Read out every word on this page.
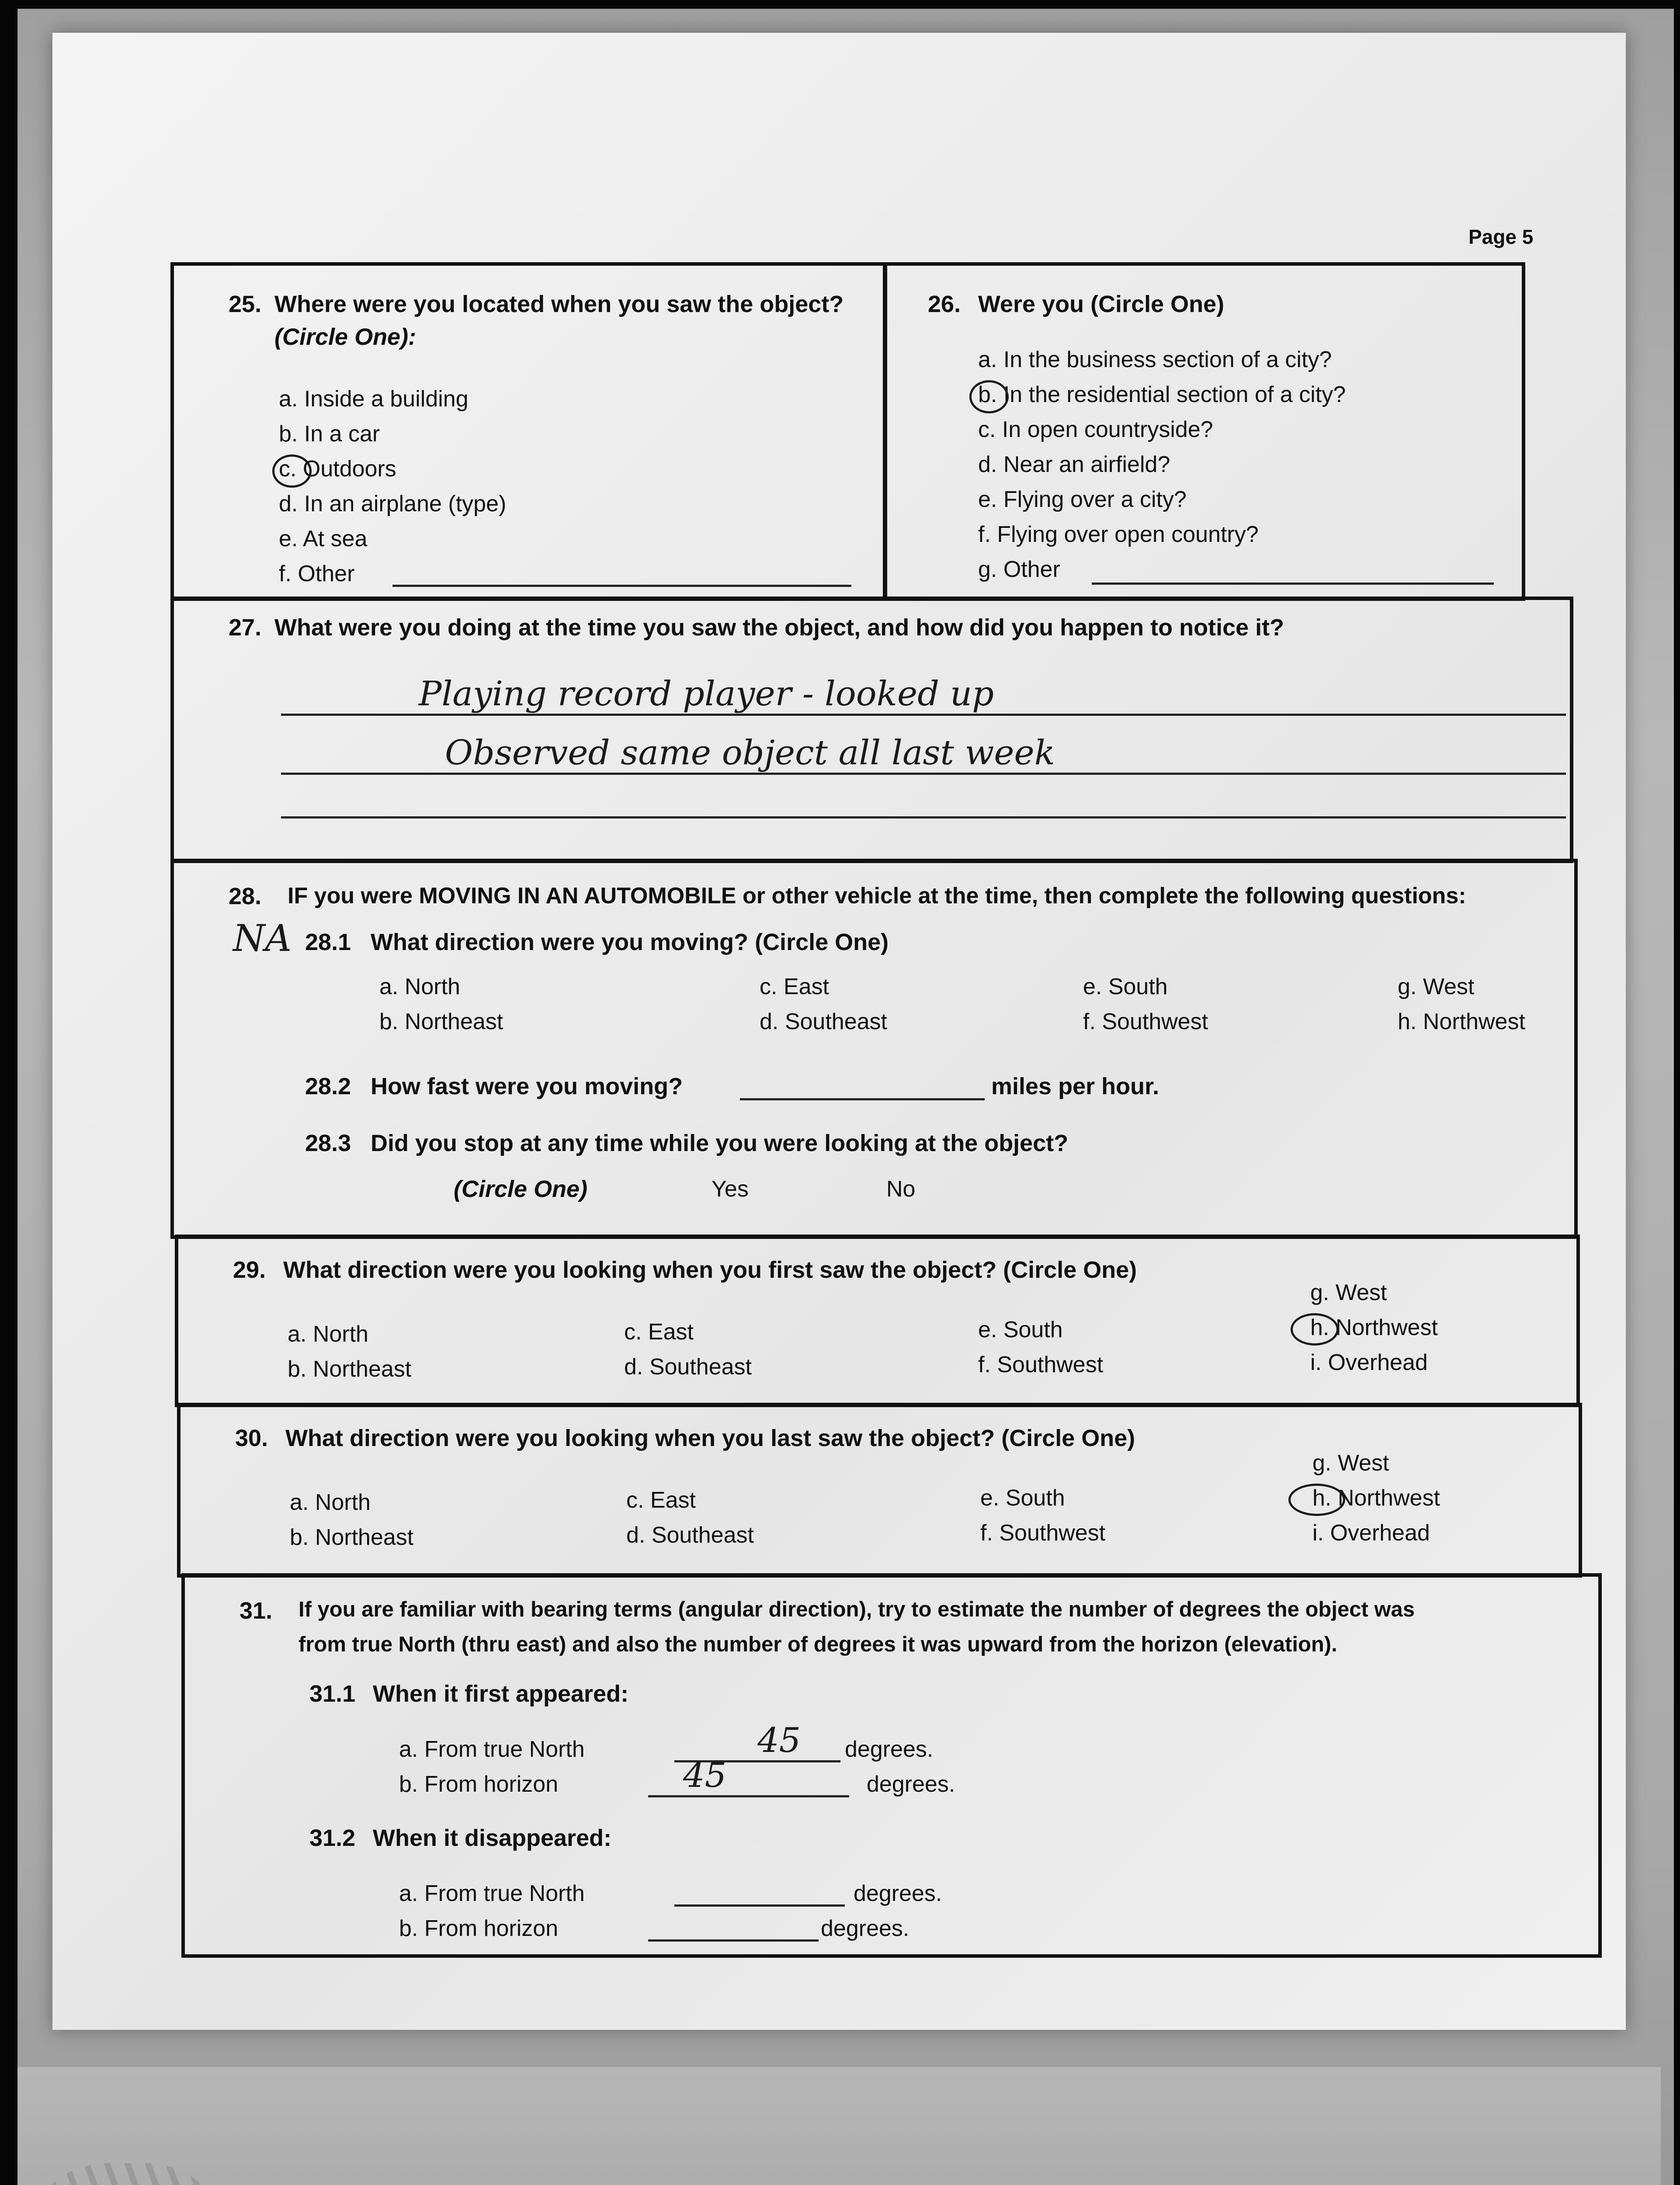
Page 5
25. Where were you located when you saw the object?
(Circle One):
a. Inside a building
b. In a car
c. Outdoors
d. In an airplane (type)
e. At sea
f. Other
26. Were you (Circle One)
a. In the business section of a city?
b. In the residential section of a city?
c. In open countryside?
d. Near an airfield?
e. Flying over a city?
f. Flying over open country?
g. Other
27. What were you doing at the time you saw the object, and how did you happen to notice it?
Playing record player - looked up
Observed same object all last week
28. IF you were MOVING IN AN AUTOMOBILE or other vehicle at the time, then complete the following questions:
NA 28.1 What direction were you moving? (Circle One)
a. North
b. Northeast
c. East
d. Southeast
e. South
f. Southwest
g. West
h. Northwest
28.2 How fast were you moving?	miles per hour.
28.3 Did you stop at any time while you were looking at the object?
(Circle One)	Yes	No
29. What direction were you looking when you first saw the object? (Circle One)
a. North
b. Northeast
c. East
d. Southeast
e. South
f. Southwest
g. West
h. Northwest
i. Overhead
30. What direction were you looking when you last saw the object? (Circle One)
a. North
b. Northeast
c. East
d. Southeast
e. South
f. Southwest
g. West
h. Northwest
i. Overhead
31. If you are familiar with bearing terms (angular direction), try to estimate the number of degrees the object was
from true North (thru east) and also the number of degrees it was upward from the horizon (elevation).
31.1 When it first appeared:
a. From true North	45 degrees.
b. From horizon	45	degrees.
31.2 When it disappeared:
a. From true North	degrees.
b. From horizon	degrees.
